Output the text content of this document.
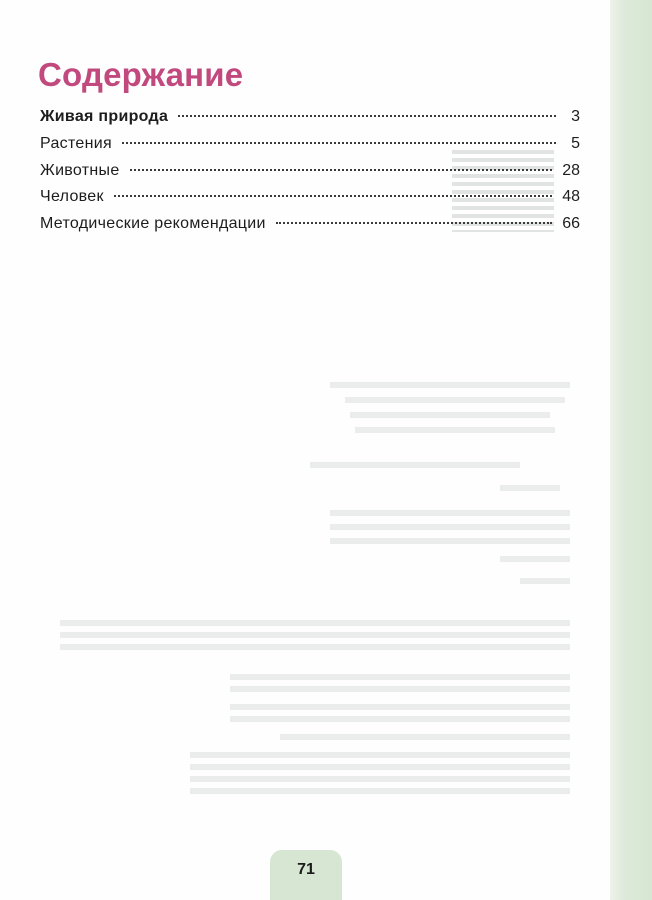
Содержание
Живая природа	3
Растения	5
Животные	28
Человек	48
Методические рекомендации	66
71
